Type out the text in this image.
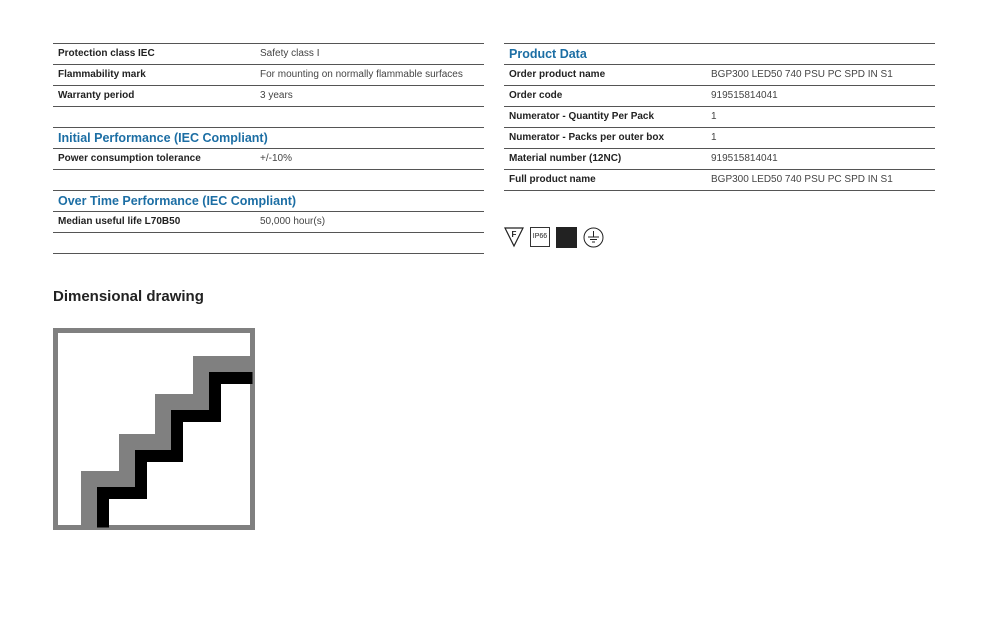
Protection class IEC	Safety class I
Flammability mark	For mounting on normally flammable surfaces
Warranty period	3 years
Initial Performance (IEC Compliant)
Power consumption tolerance	+/-10%
Over Time Performance (IEC Compliant)
Median useful life L70B50	50,000 hour(s)
Product Data
Order product name	BGP300 LED50 740 PSU PC SPD IN S1
Order code	919515814041
Numerator - Quantity Per Pack	1
Numerator - Packs per outer box	1
Material number (12NC)	919515814041
Full product name	BGP300 LED50 740 PSU PC SPD IN S1
F	IP66
Dimensional drawing
